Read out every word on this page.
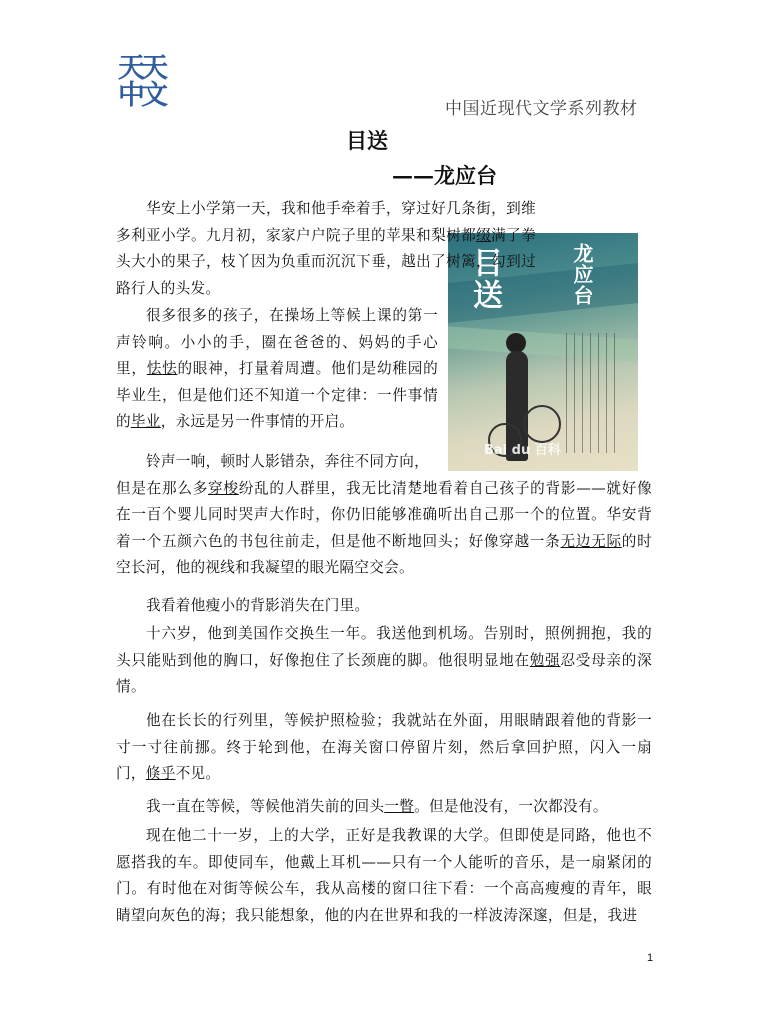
天天
中文	中国近现代文学系列教材
目送
——龙应台
目送	龙应台
Bai du 百科

华安上小学第一天，我和他手牵着手，穿过好几条街，到维多利亚小学。九月初，家家户户院子里的苹果和梨树都缀满了拳头大小的果子，枝丫因为负重而沉沉下垂，越出了树篱，勾到过路行人的头发。

很多很多的孩子，在操场上等候上课的第一声铃响。小小的手，圈在爸爸的、妈妈的手心里，怯怯的眼神，打量着周遭。他们是幼稚园的毕业生，但是他们还不知道一个定律：一件事情的毕业，永远是另一件事情的开启。

铃声一响，顿时人影错杂，奔往不同方向，
但是在那么多穿梭纷乱的人群里，我无比清楚地看着自己孩子的背影——就好像在一百个婴儿同时哭声大作时，你仍旧能够准确听出自己那一个的位置。华安背着一个五颜六色的书包往前走，但是他不断地回头；好像穿越一条无边无际的时空长河，他的视线和我凝望的眼光隔空交会。

我看着他瘦小的背影消失在门里。

十六岁，他到美国作交换生一年。我送他到机场。告别时，照例拥抱，我的头只能贴到他的胸口，好像抱住了长颈鹿的脚。他很明显地在勉强忍受母亲的深情。

他在长长的行列里，等候护照检验；我就站在外面，用眼睛跟着他的背影一寸一寸往前挪。终于轮到他，在海关窗口停留片刻，然后拿回护照，闪入一扇门，倏乎不见。

我一直在等候，等候他消失前的回头一瞥。但是他没有，一次都没有。

现在他二十一岁，上的大学，正好是我教课的大学。但即使是同路，他也不愿搭我的车。即使同车，他戴上耳机——只有一个人能听的音乐，是一扇紧闭的门。有时他在对街等候公车，我从高楼的窗口往下看：一个高高瘦瘦的青年，眼睛望向灰色的海；我只能想象，他的内在世界和我的一样波涛深邃，但是，我进

1
